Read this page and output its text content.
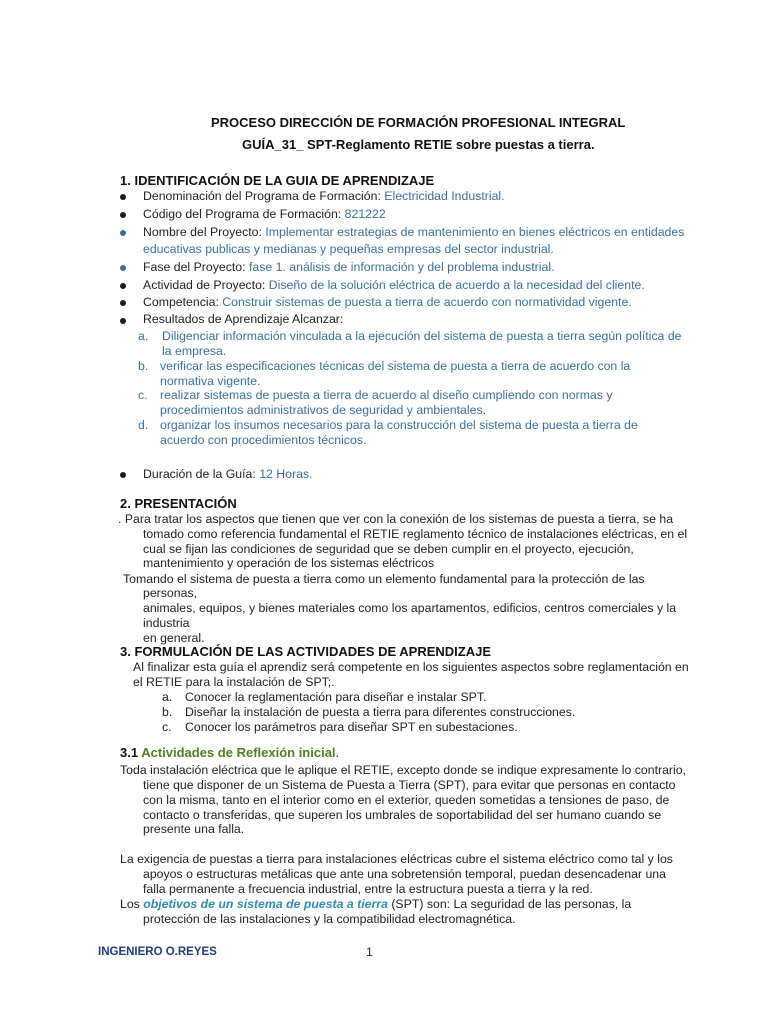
PROCESO DIRECCIÓN DE FORMACIÓN PROFESIONAL INTEGRAL
GUÍA_31_ SPT-Reglamento RETIE sobre puestas a tierra.
1. IDENTIFICACIÓN DE LA GUIA DE APRENDIZAJE
Denominación del Programa de Formación: Electricidad Industrial.
Código del Programa de Formación: 821222
Nombre del Proyecto: Implementar estrategias de mantenimiento en bienes eléctricos en entidades
educativas publicas y medianas y pequeñas empresas del sector industrial.
Fase del Proyecto: fase 1. análisis de información y del problema industrial.
Actividad de Proyecto: Diseño de la solución eléctrica de acuerdo a la necesidad del cliente.
Competencia: Construir sistemas de puesta a tierra de acuerdo con normatividad vigente.
Resultados de Aprendizaje Alcanzar:
a. Diligenciar información vinculada a la ejecución del sistema de puesta a tierra según política de
la empresa.
b. verificar las especificaciones técnicas del sistema de puesta a tierra de acuerdo con la
normativa vigente.
c. realizar sistemas de puesta a tierra de acuerdo al diseño cumpliendo con normas y
procedimientos administrativos de seguridad y ambientales.
d. organizar los insumos necesarios para la construcción del sistema de puesta a tierra de
acuerdo con procedimientos técnicos.
Duración de la Guía: 12 Horas.
2. PRESENTACIÓN
. Para tratar los aspectos que tienen que ver con la conexión de los sistemas de puesta a tierra, se ha
tomado como referencia fundamental el RETIE reglamento técnico de instalaciones eléctricas, en el
cual se fijan las condiciones de seguridad que se deben cumplir en el proyecto, ejecución,
mantenimiento y operación de los sistemas eléctricos
Tomando el sistema de puesta a tierra como un elemento fundamental para la protección de las
personas,
animales, equipos, y bienes materiales como los apartamentos, edificios, centros comerciales y la
industria
en general.
3. FORMULACIÓN DE LAS ACTIVIDADES DE APRENDIZAJE
Al finalizar esta guía el aprendiz será competente en los siguientes aspectos sobre reglamentación en
el RETIE para la instalación de SPT;.
a. Conocer la reglamentación para diseñar e instalar SPT.
b. Diseñar la instalación de puesta a tierra para diferentes construcciones.
c. Conocer los parámetros para diseñar SPT en subestaciones.
3.1 Actividades de Reflexión inicial.
Toda instalación eléctrica que le aplique el RETIE, excepto donde se indique expresamente lo contrario,
tiene que disponer de un Sistema de Puesta a Tierra (SPT), para evitar que personas en contacto
con la misma, tanto en el interior como en el exterior, queden sometidas a tensiones de paso, de
contacto o transferidas, que superen los umbrales de soportabilidad del ser humano cuando se
presente una falla.
La exigencia de puestas a tierra para instalaciones eléctricas cubre el sistema eléctrico como tal y los
apoyos o estructuras metálicas que ante una sobretensión temporal, puedan desencadenar una
falla permanente a frecuencia industrial, entre la estructura puesta a tierra y la red.
Los objetivos de un sistema de puesta a tierra (SPT) son: La seguridad de las personas, la
protección de las instalaciones y la compatibilidad electromagnética.
INGENIERO O.REYES	1
